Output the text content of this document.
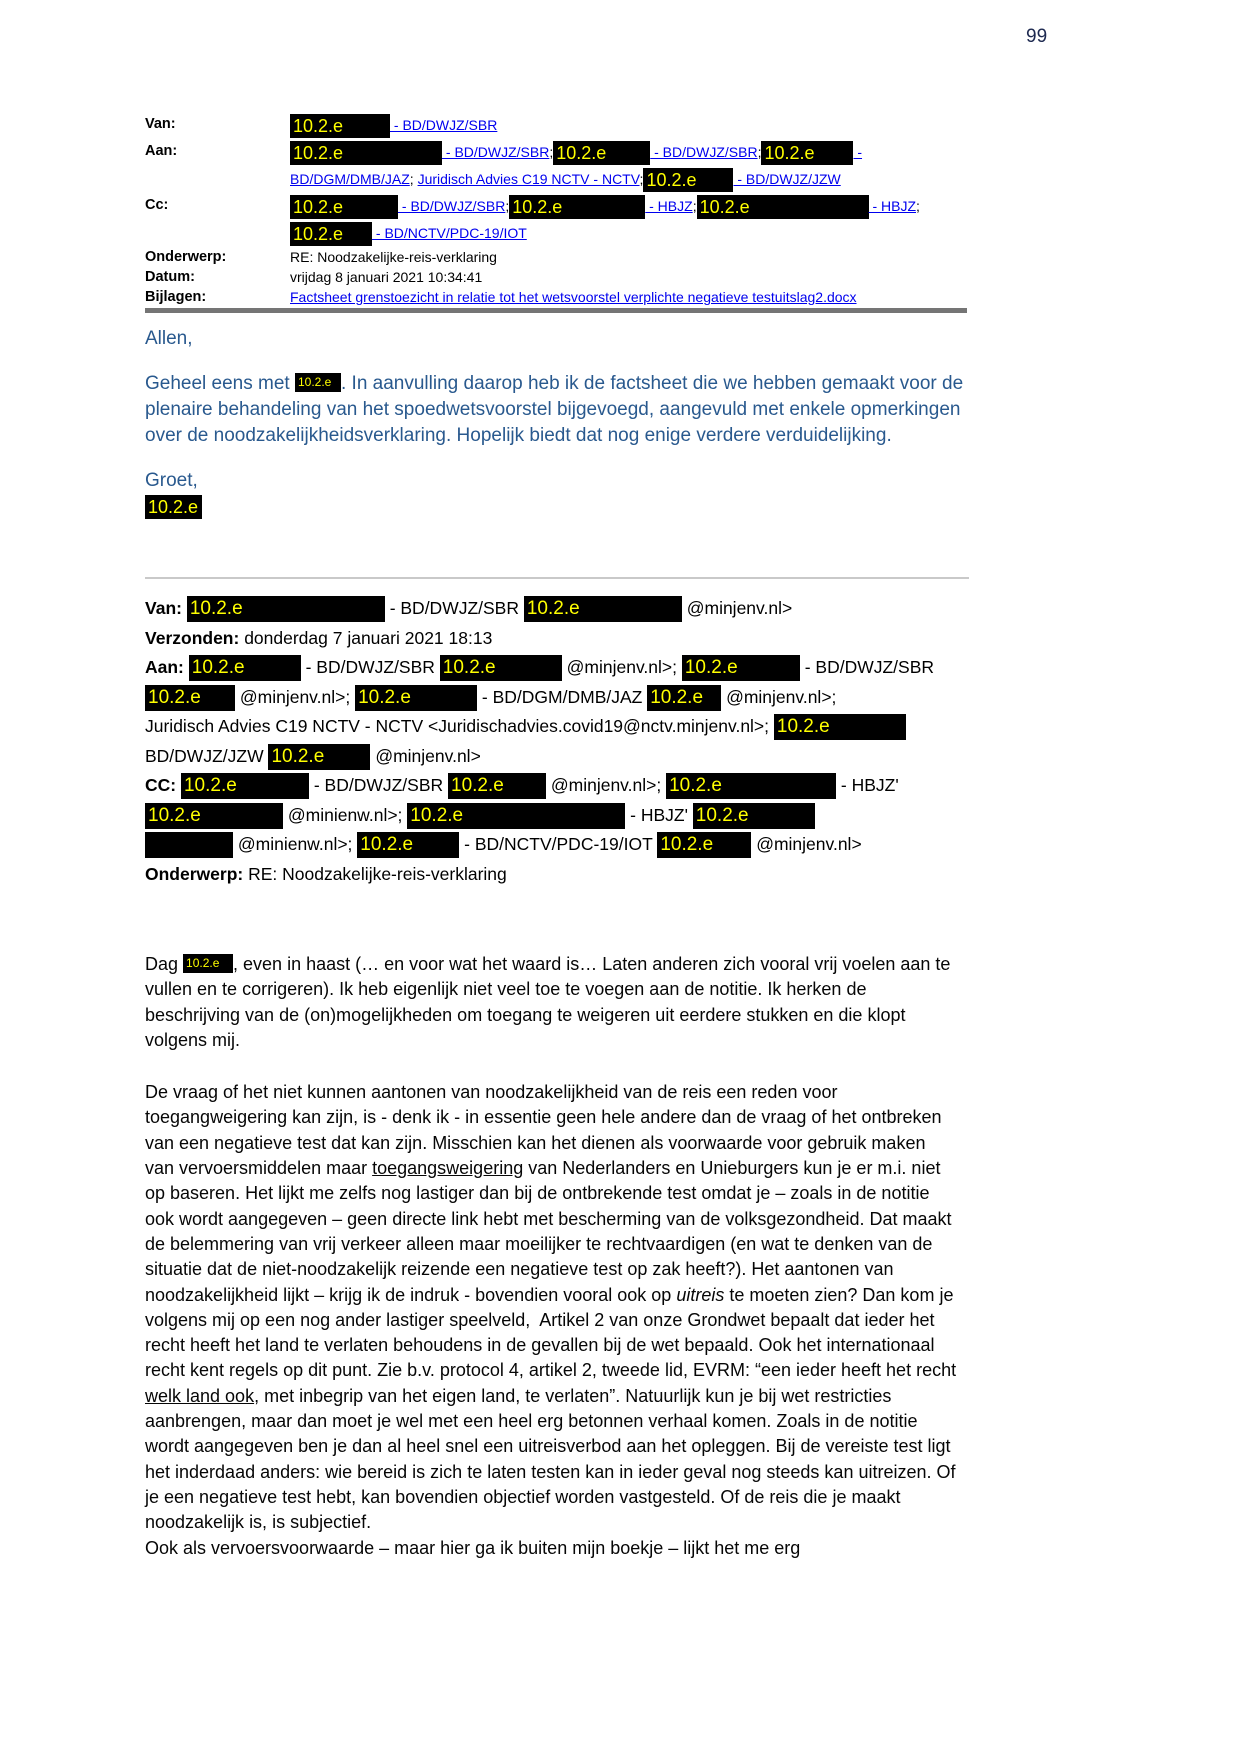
99
Van:	10.2.e	- BD/DWJZ/SBR
Aan:	10.2.e	- BD/DWJZ/SBR; 10.2.e	- BD/DWJZ/SBR; 10.2.e	-
BD/DGM/DMB/JAZ; Juridisch Advies C19 NCTV - NCTV; 10.2.e	- BD/DWJZ/JZW
Cc:	10.2.e	- BD/DWJZ/SBR; 10.2.e	- HBJZ; 10.2.e	- HBJZ;
10.2.e - BD/NCTV/PDC-19/IOT
Onderwerp:	RE: Noodzakelijke-reis-verklaring
Datum:	vrijdag 8 januari 2021 10:34:41
Bijlagen:	Factsheet grenstoezicht in relatie tot het wetsvoorstel verplichte negatieve testuitslag2.docx

Allen,

Geheel eens met 10.2.e . In aanvulling daarop heb ik de factsheet die we hebben gemaakt voor de plenaire behandeling van het spoedwetsvoorstel bijgevoegd, aangevuld met enkele opmerkingen over de noodzakelijkheidsverklaring. Hopelijk biedt dat nog enige verdere verduidelijking.

Groet,

10.2.e

Van: 10.2.e	- BD/DWJZ/SBR 10.2.e	@minjenv.nl>
Verzonden: donderdag 7 januari 2021 18:13
Aan: 10.2.e	- BD/DWJZ/SBR 10.2.e	@minjenv.nl>; 10.2.e	- BD/DWJZ/SBR
10.2.e @minjenv.nl>; 10.2.e	- BD/DGM/DMB/JAZ 10.2.e @minjenv.nl>;
Juridisch Advies C19 NCTV - NCTV <Juridischadvies.covid19@nctv.minjenv.nl>; 10.2.e
BD/DWJZ/JZW 10.2.e	@minjenv.nl>
CC: 10.2.e	- BD/DWJZ/SBR 10.2.e @minjenv.nl>; 10.2.e	- HBJZ'
10.2.e	@minienw.nl>; 10.2.e	- HBJZ' 10.2.e
@minienw.nl>; 10.2.e	- BD/NCTV/PDC-19/IOT 10.2.e @minjenv.nl>
Onderwerp: RE: Noodzakelijke-reis-verklaring

Dag 10.2.e , even in haast (… en voor wat het waard is… Laten anderen zich vooral vrij voelen aan te vullen en te corrigeren). Ik heb eigenlijk niet veel toe te voegen aan de notitie. Ik herken de beschrijving van de (on)mogelijkheden om toegang te weigeren uit eerdere stukken en die klopt volgens mij.

De vraag of het niet kunnen aantonen van noodzakelijkheid van de reis een reden voor toegangweigering kan zijn, is - denk ik - in essentie geen hele andere dan de vraag of het ontbreken van een negatieve test dat kan zijn. Misschien kan het dienen als voorwaarde voor gebruik maken van vervoersmiddelen maar toegangsweigering van Nederlanders en Unieburgers kun je er m.i. niet op baseren. Het lijkt me zelfs nog lastiger dan bij de ontbrekende test omdat je – zoals in de notitie ook wordt aangegeven – geen directe link hebt met bescherming van de volksgezondheid. Dat maakt de belemmering van vrij verkeer alleen maar moeilijker te rechtvaardigen (en wat te denken van de situatie dat de niet-noodzakelijk reizende een negatieve test op zak heeft?). Het aantonen van noodzakelijkheid lijkt – krijg ik de indruk - bovendien vooral ook op uitreis te moeten zien? Dan kom je volgens mij op een nog ander lastiger speelveld,  Artikel 2 van onze Grondwet bepaalt dat ieder het recht heeft het land te verlaten behoudens in de gevallen bij de wet bepaald. Ook het internationaal recht kent regels op dit punt. Zie b.v. protocol 4, artikel 2, tweede lid, EVRM: “een ieder heeft het recht welk land ook, met inbegrip van het eigen land, te verlaten”. Natuurlijk kun je bij wet restricties aanbrengen, maar dan moet je wel met een heel erg betonnen verhaal komen. Zoals in de notitie wordt aangegeven ben je dan al heel snel een uitreisverbod aan het opleggen. Bij de vereiste test ligt het inderdaad anders: wie bereid is zich te laten testen kan in ieder geval nog steeds kan uitreizen. Of je een negatieve test hebt, kan bovendien objectief worden vastgesteld. Of de reis die je maakt noodzakelijk is, is subjectief.
Ook als vervoersvoorwaarde – maar hier ga ik buiten mijn boekje – lijkt het me erg
